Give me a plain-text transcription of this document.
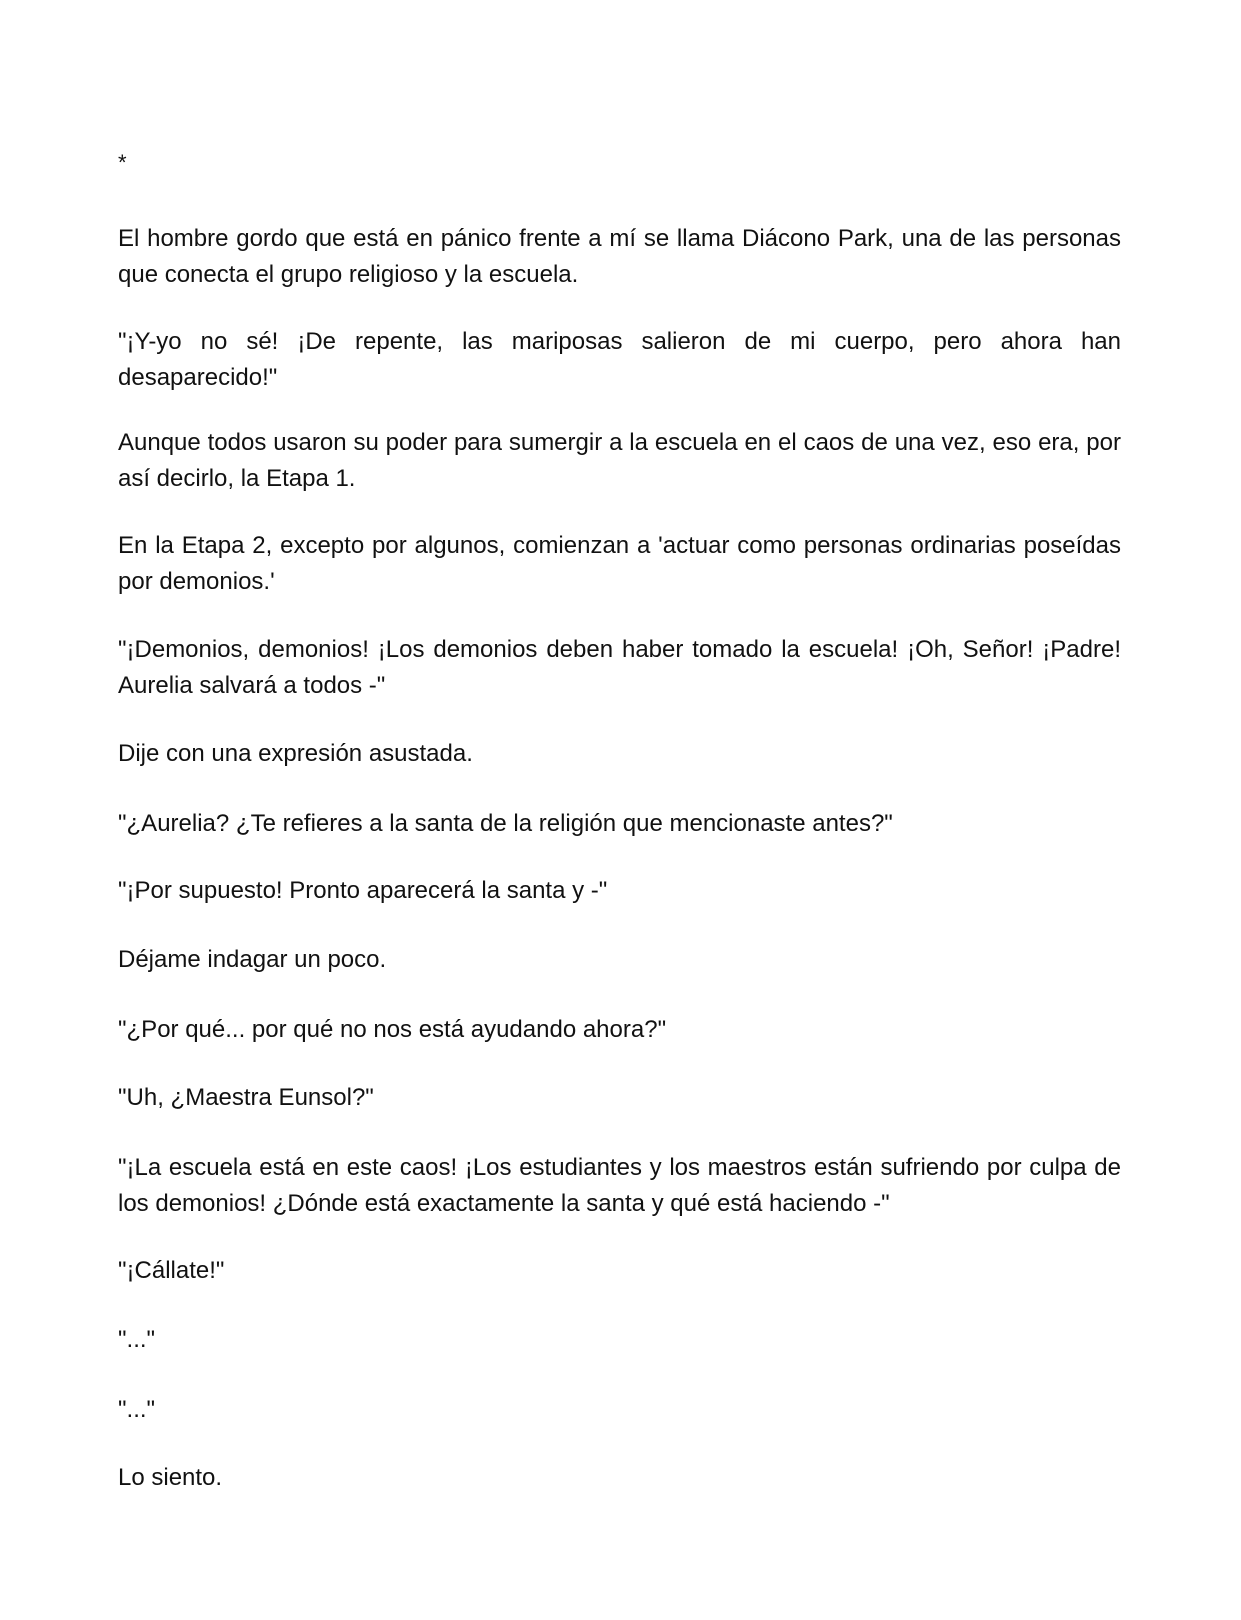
*

El hombre gordo que está en pánico frente a mí se llama Diácono Park, una de las personas que conecta el grupo religioso y la escuela.

"¡Y-yo no sé! ¡De repente, las mariposas salieron de mi cuerpo, pero ahora han desaparecido!"

Aunque todos usaron su poder para sumergir a la escuela en el caos de una vez, eso era, por así decirlo, la Etapa 1.

En la Etapa 2, excepto por algunos, comienzan a 'actuar como personas ordinarias poseídas por demonios.'

"¡Demonios, demonios! ¡Los demonios deben haber tomado la escuela! ¡Oh, Señor! ¡Padre! Aurelia salvará a todos -"

Dije con una expresión asustada.

"¿Aurelia? ¿Te refieres a la santa de la religión que mencionaste antes?"

"¡Por supuesto! Pronto aparecerá la santa y -"

Déjame indagar un poco.

"¿Por qué... por qué no nos está ayudando ahora?"

"Uh, ¿Maestra Eunsol?"

"¡La escuela está en este caos! ¡Los estudiantes y los maestros están sufriendo por culpa de los demonios! ¿Dónde está exactamente la santa y qué está haciendo -"

"¡Cállate!"

"..."

"..."

Lo siento.
